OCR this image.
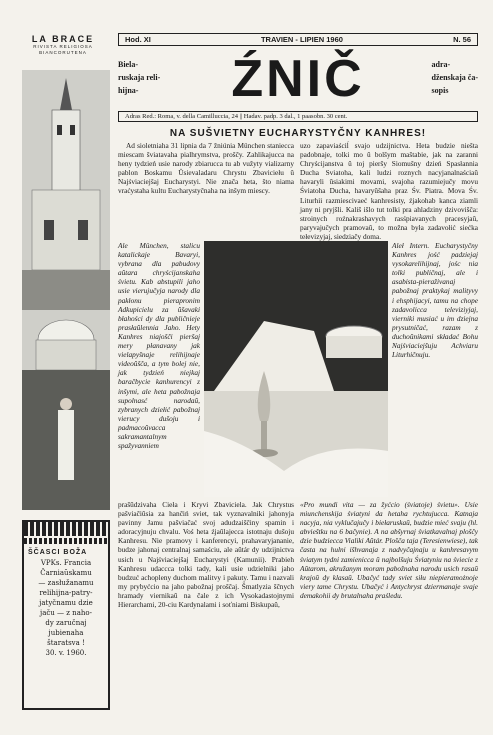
LA BRACE
RIVISTA RELIGIOSA
BIANCORUTENA
ŠČASCI BOŽA
VPKs. Francia
Čarniaŭskamu
— zasłužanamu
relihijna-patry-
jatyčnamu dzie
jaču — z naho-
dy zaručnaj
jubienaha
štaratsva !
30. v. 1960.
Hod. XI	TRAVIEN - LIPIEN 1960	N. 56
Biela-
ruskaja reli-
hijna-	ŹNIČ	adra-
dženskaja ča-
sopis
Adras Red.: Roma, v. della Camilluccia, 24 || Hadav. padp. 3 dal., 1 paasobn. 30 cent.
NA SUŠVIETNY EUCHARYSTYČNY KANHRES!

Ad sioletniaha 31 lipnia da 7 žniúnia München stanieсca miescam šviatavaha pialhrymstva, proščy. Zahlikajucca na heny tydzień usie narody zbiarucca tu ab vužyty vializarny pablon Boskamu Ŭsievaladaru Chrystu Zbaviciełu ŭ Najśviaciejšaj Eucharystyi. Nie znača heta, što niama vraćystaha kultu Eucharystyčnaha na inšym miescy.

Ale München, stalicu katalickaje Bavaryi, vybrana dla pabudovy aŭtara chryścijanskaha śvietu. Kab abstupili jaho usie vierujučyja narody dla pakłonu pierapronim Adkupicielu za ŭšavaki błahości dy dla publičnieje prasłaŭlennia Jaho. Hety Kanhres niajošči pieršaj mery płanavany jak vielapyšnaje relihijnaje videoŭšča, a tym bolej nie, jak tydzień niejkaj baračbycie kanhurencyi z inšymi, ale heta pabožnaja supolnasć narodaŭ, zybranych dziełić pabožnaj vierucy dušoju i padmacoŭvacca sakramantalnym spažyvanniem

uzo zapaviaściĺ svajo udzijnictva. Heta budzie niešta padobnaje, tolki mo ŭ bolšym maštabie, jak na zaranni Chryścijanstva ŭ toj pieršy Siomušny dzień Spasłannia Ducha Sviatoha, kali ludzi roznych nacyjanalnaściaŭ havaryli ŭsiakimi movami, svajoha razumiejučy movu Śviatoha Ducha, havaryŭšaha praz Śv. Piatra. Mova Śv. Liturhii razmiescivaeć kanhresisty, źjakohab kanca ziamli jany ni pryjšli. Kališ išlo tut tolki pra ahladziny dzivovišča: stroinych roźnakrashavych rasśpiavanych pracesyjaŭ, paryvajučych pramovaŭ, to možna była zadavołić siećka tełevizyjaj, siedziačy doma.

Aleł Intern. Eucharystyčny Kanhres jość padziejaj vysokarelihijnaj, jośc nia tolki publičnaj, ale i asabista-pieraživanaj pabožnaj praktykaj malityvy i ehsphijacyi, tamu na chope zadavolicca televiziyjaj, vierniki musiać u im dziejna prysutničać, razam z duchoŭnikami składać Bohu Najśviaciejšuju Achviaru Liturhičnuju.

prašūdzivaha Cieła i Kryvi Zbaviciela. Jak Chrystus pašviačiŭsia za hančiń sviet, tak vyznavalniki jahonyja pavinny Jamu pašviačać svoj adudzaiščiny spamin i adoracyjnuju chvalu. Voś heta źjaŭlajecca istotnaju dušoju Kanhresu. Nie pramovy i kanferencyi, prahavaryjananie, budze jahonaj centralnaj samaściu, ale aŭtár dy udzijnictva usich u Najśviaciejšaj Eucharystyi (Kamunii). Prabieh Kanhresu udaccca tolki tady, kali usie udzielniki jaho budzuć achopleny duchom malitvy i pakuty. Tamu i nazvali my prybyćcio na jaho pabožnaj proščaj. Šmatlyzia ščnych hramady viernikaŭ na čale z ich Vysokadastojnymi Hierarchami, 20-ciu Kardynalami i soťniami Biskupaŭ,

«Pro mundi vita — za žyćcio (śviatoje) śvietu». Usie miunchenskija śviatyni da hetaha rychtujucca. Katnaja nacyja, nia vyklučajučy i biełaruskaŭ, budzie mieć svaju (hl. abvieštku na 6 bačynie). A na abšyrnaj śviatkavalnaj ploščy dzie budziecca Vialiki Aŭtár. Ploščа taja (Teresienwiese), tak časta na hulni išhvanaja z nadvyčajnaju u kanhresavym śviatym tydni zamienicca ŭ najbolšuju Śviatyniu na śviecie z Aŭtarom, akružanym moram pabožnaha narodu usich rasaŭ krajoŭ dy klasaŭ. Ubačyć tady sviet siłu niepieramożnoje viery tame Chrystu. Ubačyć i Antychryst dziermanaje svaje demakohii dy brutalnaha praśledu.
